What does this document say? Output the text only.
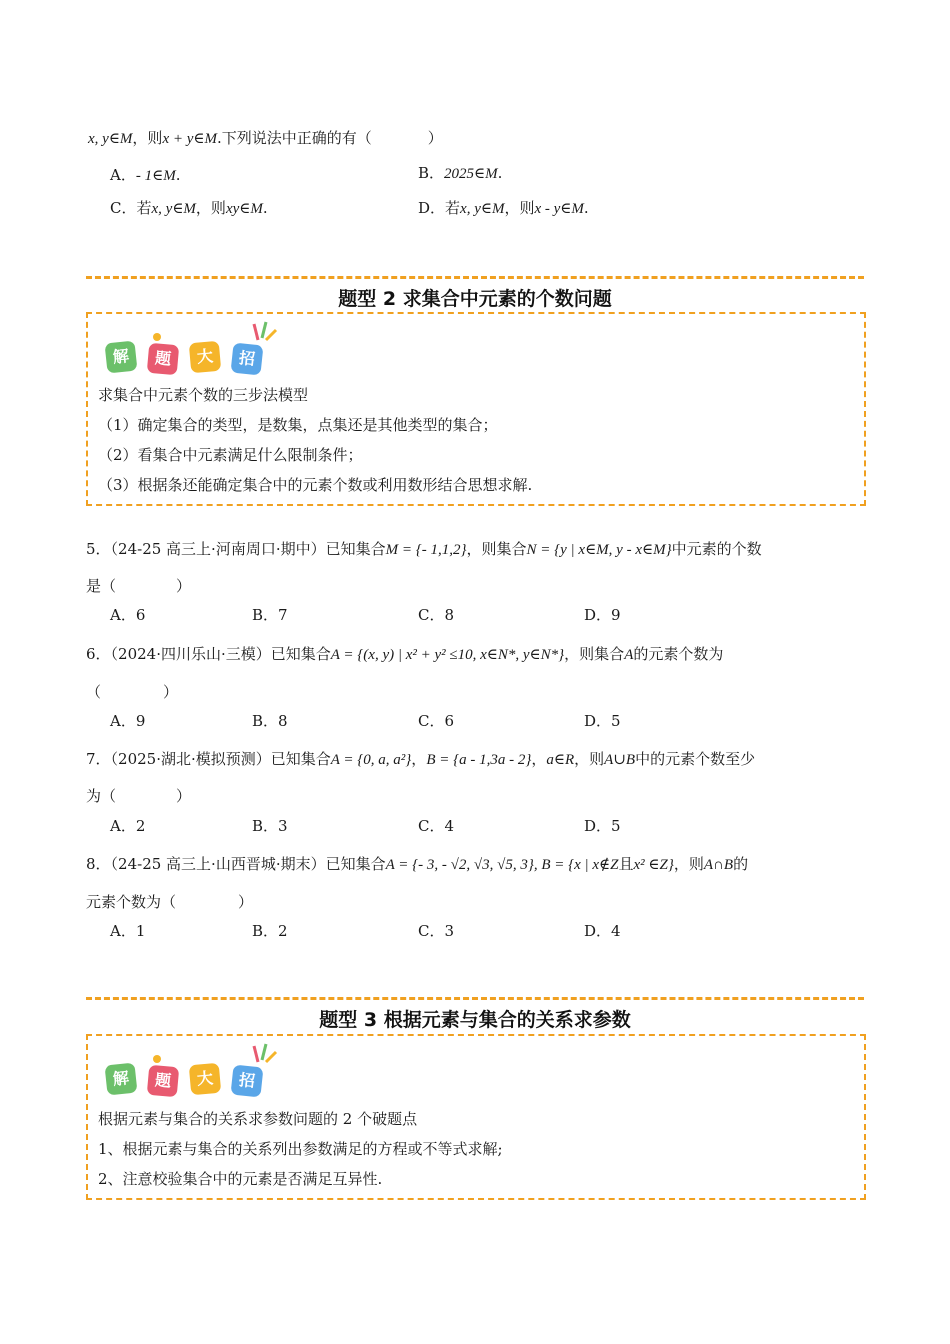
x, y∈M，则x + y∈M.下列说法中正确的有（	）
A．- 1∈M.	B．2025∈M.
C．若x, y∈M，则xy∈M.	D．若x, y∈M，则x - y∈M.
题型 2 求集合中元素的个数问题
解	题	大	招
求集合中元素个数的三步法模型
（1）确定集合的类型，是数集，点集还是其他类型的集合；
（2）看集合中元素满足什么限制条件；
（3）根据条还能确定集合中的元素个数或利用数形结合思想求解.
5．（24-25 高三上·河南周口·期中）已知集合M = {- 1,1,2}，则集合N = {y | x∈M, y - x∈M}中元素的个数
是（	）
A．6	B．7	C．8	D．9
6．（2024·四川乐山·三模）已知集合A = {(x, y) | x² + y² ≤10, x∈N*, y∈N*}，则集合A的元素个数为
（	）
A．9	B．8	C．6	D．5
7．（2025·湖北·模拟预测）已知集合A = {0, a, a²}，B = {a - 1,3a - 2}，a∈R，则A∪B中的元素个数至少
为（	）
A．2	B．3	C．4	D．5
8．（24-25 高三上·山西晋城·期末）已知集合A = {- 3, - √2, √3, √5, 3}, B = {x | x∉Z且x² ∈Z}，则A∩B的
元素个数为（	）
A．1	B．2	C．3	D．4
题型 3 根据元素与集合的关系求参数
解	题	大	招
根据元素与集合的关系求参数问题的 2 个破题点
1、根据元素与集合的关系列出参数满足的方程或不等式求解;
2、注意校验集合中的元素是否满足互异性.
